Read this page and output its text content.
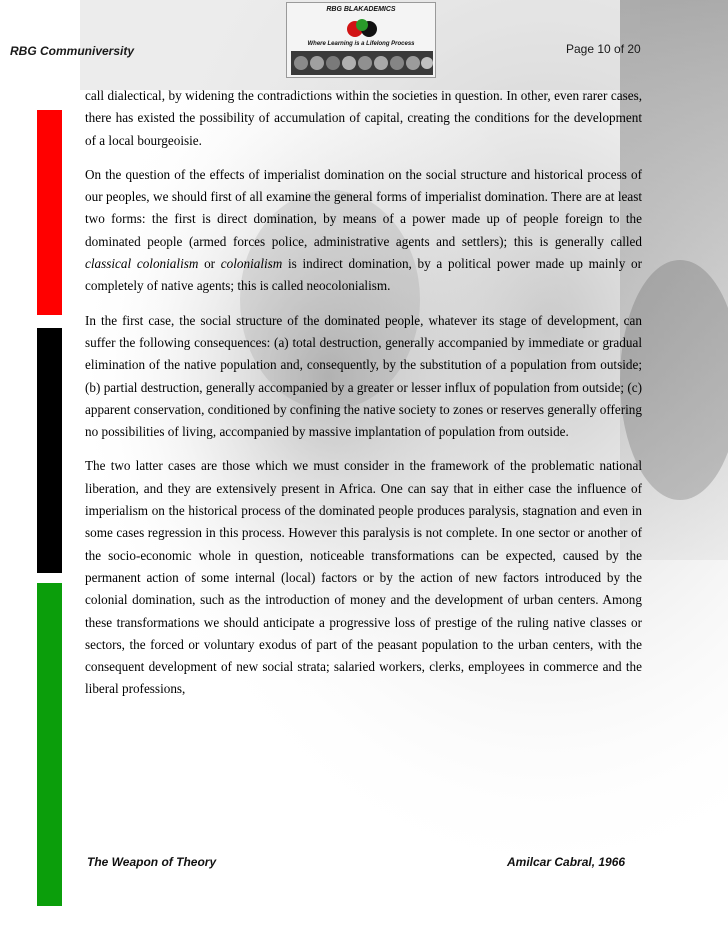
RBG BLAKADEMICS
Where Learning is a Lifelong Process
RBG Communiversity	Page 10 of 20

call dialectical, by widening the contradictions within the societies in question. In other, even rarer cases, there has existed the possibility of accumulation of capital, creating the conditions for the development of a local bourgeoisie.

On the question of the effects of imperialist domination on the social structure and historical process of our peoples, we should first of all examine the general forms of imperialist domination. There are at least two forms: the first is direct domination, by means of a power made up of people foreign to the dominated people (armed forces police, administrative agents and settlers); this is generally called classical colonialism or colonialism is indirect domination, by a political power made up mainly or completely of native agents; this is called neocolonialism.

In the first case, the social structure of the dominated people, whatever its stage of development, can suffer the following consequences: (a) total destruction, generally accompanied by immediate or gradual elimination of the native population and, consequently, by the substitution of a population from outside; (b) partial destruction, generally accompanied by a greater or lesser influx of population from outside; (c) apparent conservation, conditioned by confining the native society to zones or reserves generally offering no possibilities of living, accompanied by massive implantation of population from outside.

The two latter cases are those which we must consider in the framework of the problematic national liberation, and they are extensively present in Africa. One can say that in either case the influence of imperialism on the historical process of the dominated people produces paralysis, stagnation and even in some cases regression in this process. However this paralysis is not complete. In one sector or another of the socio-economic whole in question, noticeable transformations can be expected, caused by the permanent action of some internal (local) factors or by the action of new factors introduced by the colonial domination, such as the introduction of money and the development of urban centers. Among these transformations we should anticipate a progressive loss of prestige of the ruling native classes or sectors, the forced or voluntary exodus of part of the peasant population to the urban centers, with the consequent development of new social strata; salaried workers, clerks, employees in commerce and the liberal professions,

The Weapon of Theory	Amilcar Cabral, 1966
